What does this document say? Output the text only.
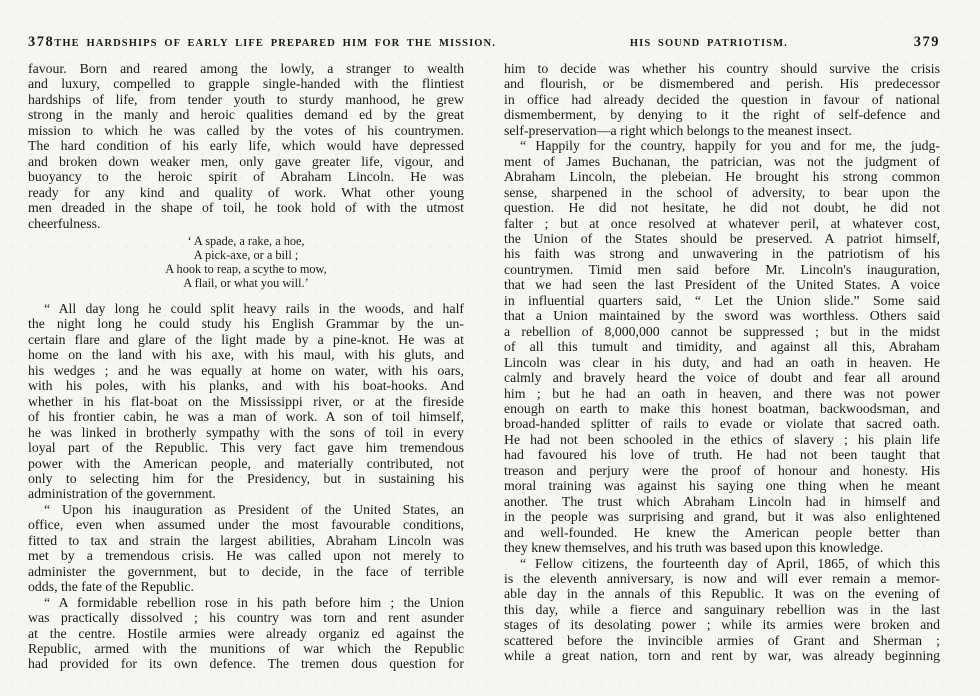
378 THE HARDSHIPS OF EARLY LIFE PREPARED HIM FOR THE MISSION.
favour. Born and reared among the lowly, a stranger to wealth
and luxury, compelled to grapple single-handed with the flintiest
hardships of life, from tender youth to sturdy manhood, he grew
strong in the manly and heroic qualities demand ed by the great
mission to which he was called by the votes of his countrymen.
The hard condition of his early life, which would have depressed
and broken down weaker men, only gave greater life, vigour, and
buoyancy to the heroic spirit of Abraham Lincoln. He was
ready for any kind and quality of work. What other young
men dreaded in the shape of toil, he took hold of with the utmost
cheerfulness.
‘ A spade, a rake, a hoe,
A pick-axe, or a bill ;
A hook to reap, a scythe to mow,
A flail, or what you will.’
“ All day long he could split heavy rails in the woods, and half
the night long he could study his English Grammar by the un-
certain flare and glare of the light made by a pine-knot. He was at
home on the land with his axe, with his maul, with his gluts, and
his wedges ; and he was equally at home on water, with his oars,
with his poles, with his planks, and with his boat-hooks. And
whether in his flat-boat on the Mississippi river, or at the fireside
of his frontier cabin, he was a man of work. A son of toil himself,
he was linked in brotherly sympathy with the sons of toil in every
loyal part of the Republic. This very fact gave him tremendous
power with the American people, and materially contributed, not
only to selecting him for the Presidency, but in sustaining his
administration of the government.
“ Upon his inauguration as President of the United States, an
office, even when assumed under the most favourable conditions,
fitted to tax and strain the largest abilities, Abraham Lincoln was
met by a tremendous crisis. He was called upon not merely to
administer the government, but to decide, in the face of terrible
odds, the fate of the Republic.
“ A formidable rebellion rose in his path before him ; the Union
was practically dissolved ; his country was torn and rent asunder
at the centre. Hostile armies were already organiz ed against the
Republic, armed with the munitions of war which the Republic
had provided for its own defence. The tremen dous question for
HIS SOUND PATRIOTISM.	379
him to decide was whether his country should survive the crisis
and flourish, or be dismembered and perish. His predecessor
in office had already decided the question in favour of national
dismemberment, by denying to it the right of self-defence and
self-preservation—a right which belongs to the meanest insect.
“ Happily for the country, happily for you and for me, the judg-
ment of James Buchanan, the patrician, was not the judgment of
Abraham Lincoln, the plebeian. He brought his strong common
sense, sharpened in the school of adversity, to bear upon the
question. He did not hesitate, he did not doubt, he did not
falter ; but at once resolved at whatever peril, at whatever cost,
the Union of the States should be preserved. A patriot himself,
his faith was strong and unwavering in the patriotism of his
countrymen. Timid men said before Mr. Lincoln's inauguration,
that we had seen the last President of the United States. A voice
in influential quarters said, “ Let the Union slide.” Some said
that a Union maintained by the sword was worthless. Others said
a rebellion of 8,000,000 cannot be suppressed ; but in the midst
of all this tumult and timidity, and against all this, Abraham
Lincoln was clear in his duty, and had an oath in heaven. He
calmly and bravely heard the voice of doubt and fear all around
him ; but he had an oath in heaven, and there was not power
enough on earth to make this honest boatman, backwoodsman, and
broad-handed splitter of rails to evade or violate that sacred oath.
He had not been schooled in the ethics of slavery ; his plain life
had favoured his love of truth. He had not been taught that
treason and perjury were the proof of honour and honesty. His
moral training was against his saying one thing when he meant
another. The trust which Abraham Lincoln had in himself and
in the people was surprising and grand, but it was also enlightened
and well-founded. He knew the American people better than
they knew themselves, and his truth was based upon this knowledge.
“ Fellow citizens, the fourteenth day of April, 1865, of which this
is the eleventh anniversary, is now and will ever remain a memor-
able day in the annals of this Republic. It was on the evening of
this day, while a fierce and sanguinary rebellion was in the last
stages of its desolating power ; while its armies were broken and
scattered before the invincible armies of Grant and Sherman ;
while a great nation, torn and rent by war, was already beginning
